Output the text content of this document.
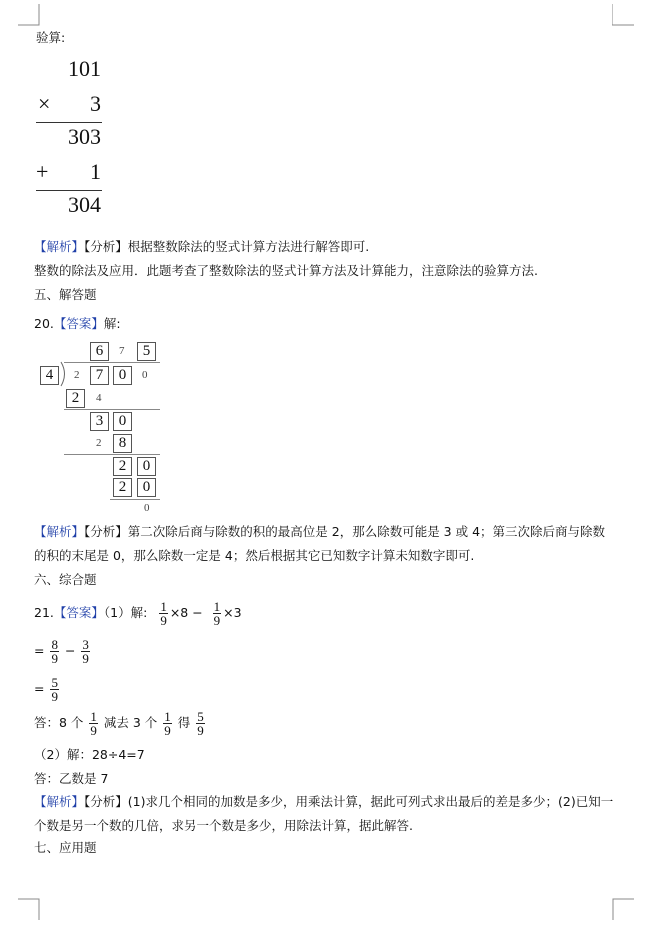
验算:
101
× 3
303
+ 1
304
【解析】【分析】根据整数除法的竖式计算方法进行解答即可.
整数的除法及应用．此题考查了整数除法的竖式计算方法及计算能力，注意除法的验算方法.
五、解答题
20.【答案】解:
6	7	5
4	2	7	0	0
2	4
3	0
2	8
2	0
2	0
0
【解析】【分析】第二次除后商与除数的积的最高位是 2，那么除数可能是 3 或 4；第三次除后商与除数
的积的末尾是 0，那么除数一定是 4；然后根据其它已知数字计算未知数字即可.
六、综合题
21.【答案】（1）解: $\frac{1}{9} \times 8 - \frac{1}{9} \times 3$
= $\frac{8}{9} - \frac{3}{9}$
= $\frac{5}{9}$
答：8 个 $\frac{1}{9}$ 减去 3 个 $\frac{1}{9}$ 得 $\frac{5}{9}$
（2）解：28÷4=7
答：乙数是 7
【解析】【分析】(1)求几个相同的加数是多少，用乘法计算，据此可列式求出最后的差是多少；(2)已知一
个数是另一个数的几倍，求另一个数是多少，用除法计算，据此解答.
七、应用题
